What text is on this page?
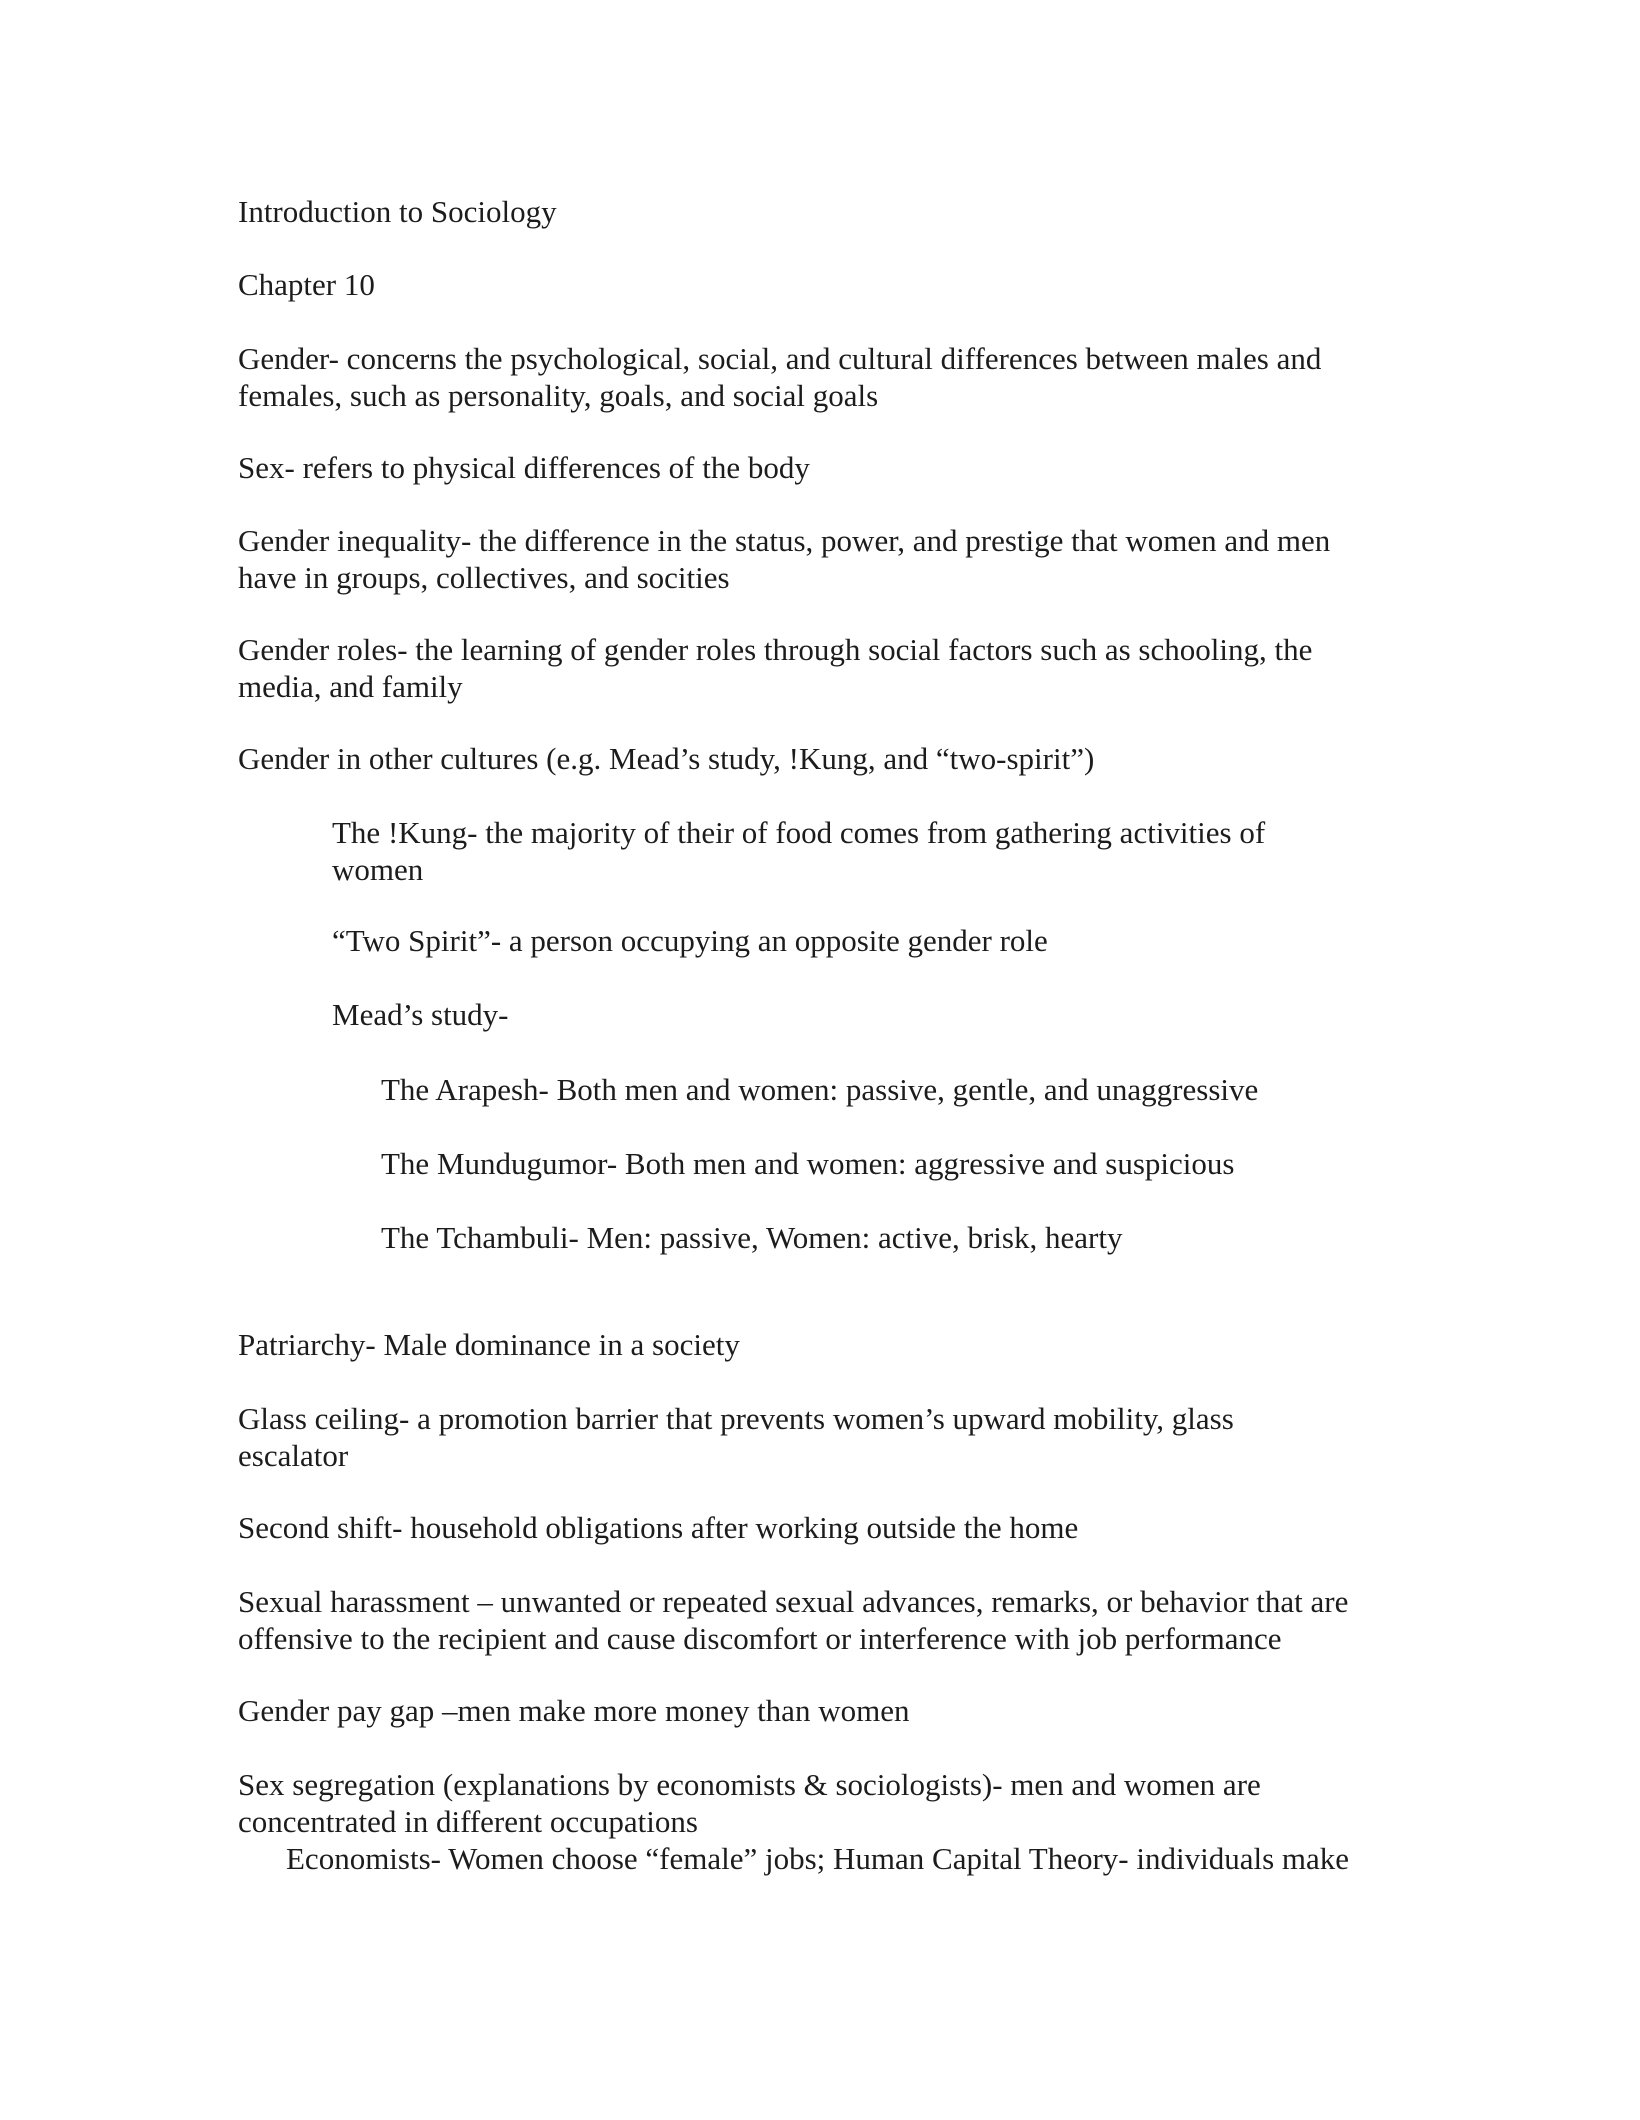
Introduction to Sociology

Chapter 10

Gender- concerns the psychological, social, and cultural differences between males and
females, such as personality, goals, and social goals

Sex- refers to physical differences of the body

Gender inequality- the difference in the status, power, and prestige that women and men
have in groups, collectives, and socities

Gender roles- the learning of gender roles through social factors such as schooling, the
media, and family

Gender in other cultures (e.g. Mead’s study, !Kung, and “two-spirit”)

The !Kung- the majority of their of food comes from gathering activities of
women

“Two Spirit”- a person occupying an opposite gender role

Mead’s study-

The Arapesh- Both men and women: passive, gentle, and unaggressive

The Mundugumor- Both men and women: aggressive and suspicious

The Tchambuli- Men: passive, Women: active, brisk, hearty

Patriarchy- Male dominance in a society

Glass ceiling- a promotion barrier that prevents women’s upward mobility, glass
escalator

Second shift- household obligations after working outside the home

Sexual harassment – unwanted or repeated sexual advances, remarks, or behavior that are
offensive to the recipient and cause discomfort or interference with job performance

Gender pay gap –men make more money than women

Sex segregation (explanations by economists & sociologists)- men and women are
concentrated in different occupations

Economists- Women choose “female” jobs; Human Capital Theory- individuals make
